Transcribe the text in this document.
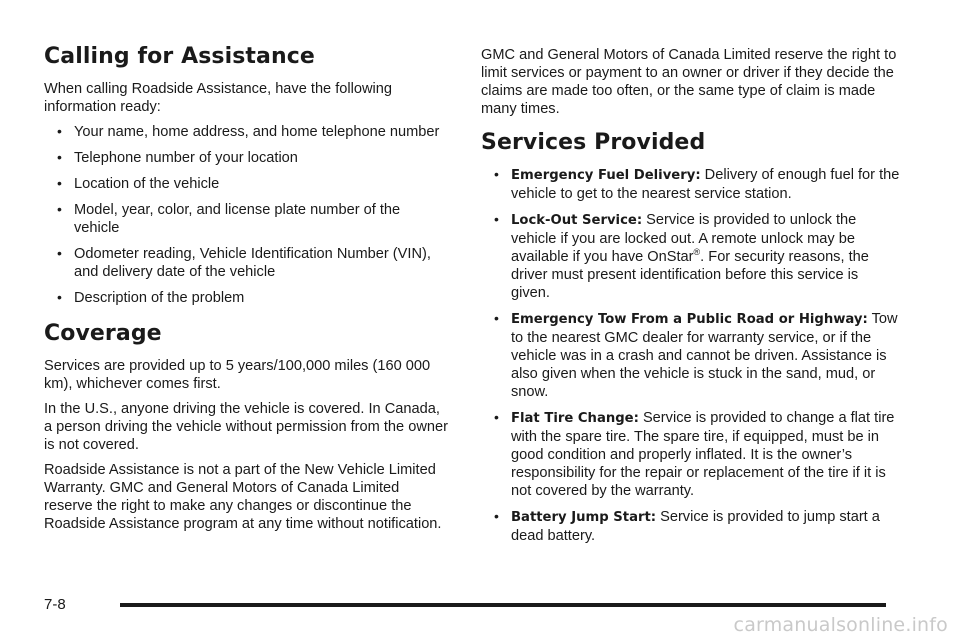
Calling for Assistance

When calling Roadside Assistance, have the following information ready:

• Your name, home address, and home telephone number
• Telephone number of your location
• Location of the vehicle
• Model, year, color, and license plate number of the vehicle
• Odometer reading, Vehicle Identification Number (VIN), and delivery date of the vehicle
• Description of the problem
Coverage

Services are provided up to 5 years/100,000 miles (160 000 km), whichever comes first.

In the U.S., anyone driving the vehicle is covered. In Canada, a person driving the vehicle without permission from the owner is not covered.

Roadside Assistance is not a part of the New Vehicle Limited Warranty. GMC and General Motors of Canada Limited reserve the right to make any changes or discontinue the Roadside Assistance program at any time without notification.

GMC and General Motors of Canada Limited reserve the right to limit services or payment to an owner or driver if they decide the claims are made too often, or the same type of claim is made many times.

Services Provided
• Emergency Fuel Delivery: Delivery of enough fuel for the vehicle to get to the nearest service station.
• Lock-Out Service: Service is provided to unlock the vehicle if you are locked out. A remote unlock may be available if you have OnStar®. For security reasons, the driver must present identification before this service is given.
• Emergency Tow From a Public Road or Highway: Tow to the nearest GMC dealer for warranty service, or if the vehicle was in a crash and cannot be driven. Assistance is also given when the vehicle is stuck in the sand, mud, or snow.
• Flat Tire Change: Service is provided to change a flat tire with the spare tire. The spare tire, if equipped, must be in good condition and properly inflated. It is the owner’s responsibility for the repair or replacement of the tire if it is not covered by the warranty.
• Battery Jump Start: Service is provided to jump start a dead battery.
7-8
carmanualsonline.info
